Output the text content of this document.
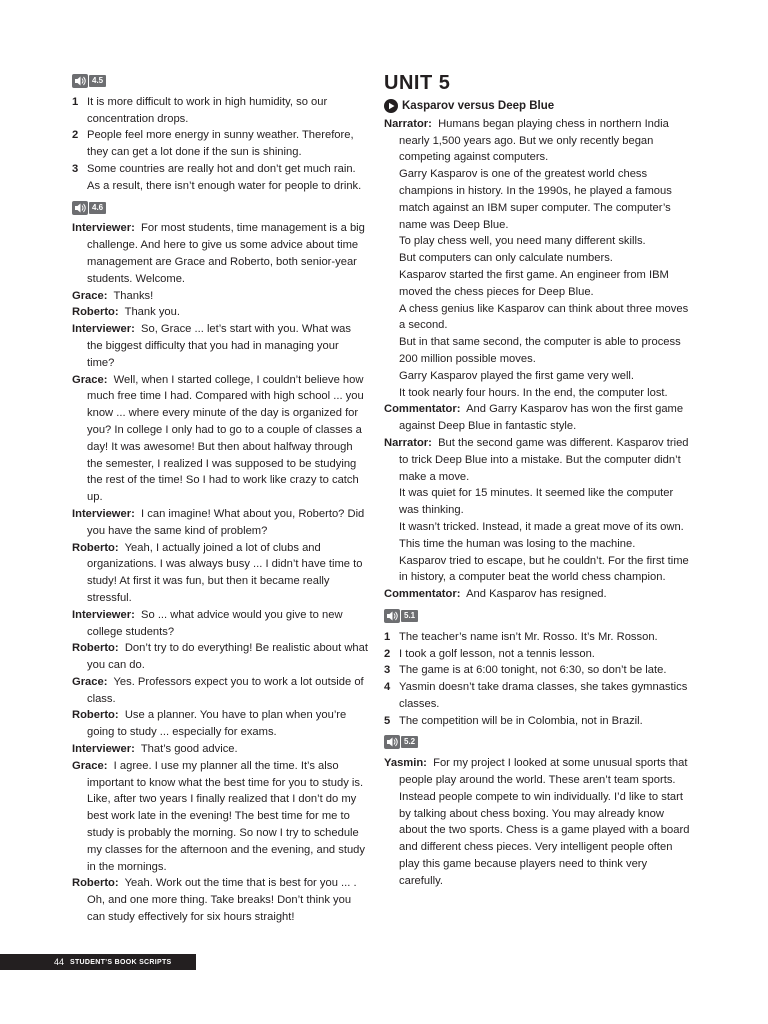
4.5
1 It is more difficult to work in high humidity, so our concentration drops.
2 People feel more energy in sunny weather. Therefore, they can get a lot done if the sun is shining.
3 Some countries are really hot and don’t get much rain. As a result, there isn’t enough water for people to drink.
4.6
Interviewer: For most students, time management is a big challenge. And here to give us some advice about time management are Grace and Roberto, both senior-year students. Welcome.
Grace: Thanks!
Roberto: Thank you.
Interviewer: So, Grace ... let’s start with you. What was the biggest difficulty that you had in managing your time?
Grace: Well, when I started college, I couldn’t believe how much free time I had. Compared with high school ... you know ... where every minute of the day is organized for you? In college I only had to go to a couple of classes a day! It was awesome! But then about halfway through the semester, I realized I was supposed to be studying the rest of the time! So I had to work like crazy to catch up.
Interviewer: I can imagine! What about you, Roberto? Did you have the same kind of problem?
Roberto: Yeah, I actually joined a lot of clubs and organizations. I was always busy ... I didn’t have time to study! At first it was fun, but then it became really stressful.
Interviewer: So ... what advice would you give to new college students?
Roberto: Don’t try to do everything! Be realistic about what you can do.
Grace: Yes. Professors expect you to work a lot outside of class.
Roberto: Use a planner. You have to plan when you’re going to study ... especially for exams.
Interviewer: That’s good advice.
Grace: I agree. I use my planner all the time. It’s also important to know what the best time for you to study is. Like, after two years I finally realized that I don’t do my best work late in the evening! The best time for me to study is probably the morning. So now I try to schedule my classes for the afternoon and the evening, and study in the mornings.
Roberto: Yeah. Work out the time that is best for you ... . Oh, and one more thing. Take breaks! Don’t think you can study effectively for six hours straight!
UNIT 5
Kasparov versus Deep Blue
Narrator: Humans began playing chess in northern India nearly 1,500 years ago. But we only recently began competing against computers.
Garry Kasparov is one of the greatest world chess champions in history. In the 1990s, he played a famous match against an IBM super computer. The computer’s name was Deep Blue.
To play chess well, you need many different skills.
But computers can only calculate numbers.
Kasparov started the first game. An engineer from IBM moved the chess pieces for Deep Blue.
A chess genius like Kasparov can think about three moves a second.
But in that same second, the computer is able to process 200 million possible moves.
Garry Kasparov played the first game very well.
It took nearly four hours. In the end, the computer lost.
Commentator: And Garry Kasparov has won the first game against Deep Blue in fantastic style.
Narrator: But the second game was different. Kasparov tried to trick Deep Blue into a mistake. But the computer didn’t make a move.
It was quiet for 15 minutes. It seemed like the computer was thinking.
It wasn’t tricked. Instead, it made a great move of its own.
This time the human was losing to the machine.
Kasparov tried to escape, but he couldn’t. For the first time in history, a computer beat the world chess champion.
Commentator: And Kasparov has resigned.
5.1
1 The teacher’s name isn’t Mr. Rosso. It’s Mr. Rosson.
2 I took a golf lesson, not a tennis lesson.
3 The game is at 6:00 tonight, not 6:30, so don’t be late.
4 Yasmin doesn’t take drama classes, she takes gymnastics classes.
5 The competition will be in Colombia, not in Brazil.
5.2
Yasmin: For my project I looked at some unusual sports that people play around the world. These aren’t team sports. Instead people compete to win individually. I’d like to start by talking about chess boxing. You may already know about the two sports. Chess is a game played with a board and different chess pieces. Very intelligent people often play this game because players need to think very carefully.
44 STUDENT’S BOOK SCRIPTS
